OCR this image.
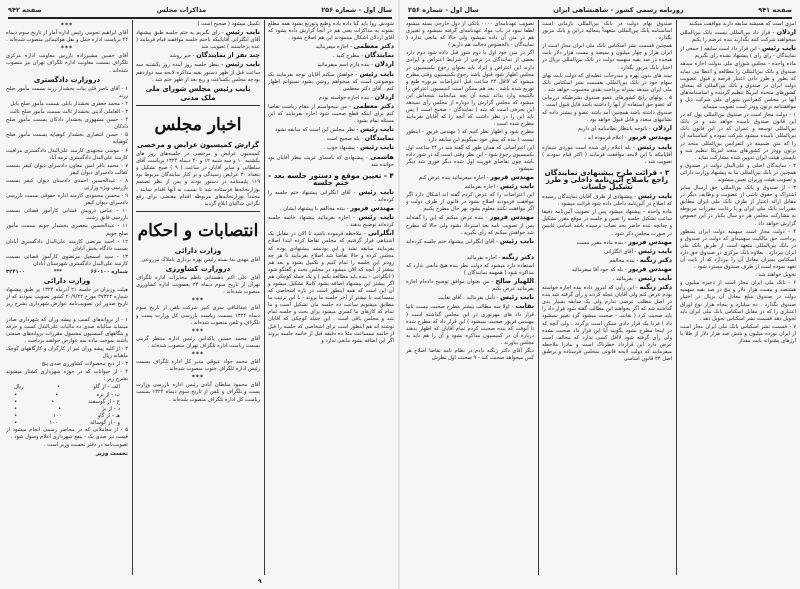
سال اول - شماره ۲۵۶
مذاکرات مجلس
صفحه ۹۴۲

شود‌ش روا باید گیا داده یاده وطبع وتوزیع بشود همه مطلع بشوند به مذاکرات یعنی هم در آنجا گزارش داده بشود که آقای اردلان اشکال مینمودند این هم اصلاح بشود .

دکتر معظمی - اجازه میفرمائید

نمایندگان - مطرح کنید .

اردلان - بنده دارم اسم میفرمائید

نایب رئیس - خواهش میکنم آقایان توجه بفرمایند یک موضوعی است که میخواهم روشن بشود نمیتوانم اظهار کنم . آقای دکتر معظمی .

اردلان - بنده اجازه خواسته بودم

دکتر معظمی - من میخواستم از مقام ریاست تقاضا کنم برای اینکه قطع صحبت شود اجازه بفرمایند که این مسئله تمام بشود .

نایب رئیس - نظر مجلس این است که سابقه نشود

نمایندگان - بله صحیح است

نایب رئیس - پیشنهاد خوب .

هاشمی - پیشنهادی که باسمای غریب بنظر آقایان بود خوانده شد

۴ - تعیین موقع و دستور جلسه بعد - ختم جلسه

نایب رئیس - آقای انگلرانی پیشنهاد ختم جلسه را کرده‌اند .

مهندس فریور - بنده مخالفم با پیشنهاد ایشان .

نایب رئیس - اجازه بفرمائید پیشنهاد خاتمه جلسه کرده‌اند توضیح بدهند .

انگلرانی - ملاحظه فرموده باشید تا الان در مقابل یک اشتباهی قرار گرفتیم که مجلس تقاضا کرده ابتدا اصلاح بفرمایند سابقه نشد و این بودنشد بیشنهادی بوده که مجلس کرده و حالا تقاضا شد اصلاح بفرمایند تا هر چه زودتر این جلسه را تمام کنیم و تکمیل بشود و بعد هم بیشتر از آنچه که الان میشود در مجلس بحث و گفتگو شود ( انگلرانی - بنده باید مطالعه بکنم ) و یک جمله کوچکی هم اگر بیشتر این پیشنهاد اضافه بشود کاملا تشکیل میشود و آن این است که همه اینطور است در باره اشخاصی که نیمساعت یا بیشتر از آخر جلسه ما بروند - با این ترتیب ما مطابق میشویم ساعت ده جلسه مان تشکیل است و ما تمام که کارهای ما کسری میشود برای بحث و جلسه تمام شد و مجلس باقی است . این جمله کوچکی که آقایان نوشته اند هم اینطور است برای اشخاصی که جلسه را قبل از خاتمه نیمساعت مثلا ده دقیقه قبل از خاتمه جلسه بروند اگر این اضافه بشود مانعی ندارد و

تکمیل میشود ( صحیح است )

نایب رئیس - رای بگیریم به ختم جلسه طبق پیشنهاد آقای انگلرانی آقایانیکه باختم جلسه موافقند قیام فرمایند ( عده برخاستند ) تصویب شد

چند نفر از نمایندگان - خیر روشد

نایب رئیس - بنظر جلسه روز آینده روز یکشنبه سه ساعت قبل از ظهر دستور بقیه مذاکره لایحه سه دوازدهم بودجه مجلس یکساعت و ربع بعد از ظهر ختم شد .

نایب رئیس مجلس شورای ملی
ملک مدنی
اخبار مجلس
گزارش کمیسیون عرایض و مرخصی

کمیسیون عرایض و مرخصی در جلسه‌های روز های یکشنبه ۱۰ و سه شنبه ۱۲ و ۲۰ دیماه ۱۳۲۴ بریاست آقای سلطانی و سایر آقایان در ساعت ( ۹ ) صبح تشکیل و بتعداد ۳۰ عرایض رسیدگی و بر کنار نمایندگان مربوط بود ۱۱۹ پلیسنامه در دستور بودند و پس از نظر تصمیم بوزارتخانه‌ها فرستاده شد تا نسبت به آنها اقدام نمایند . مجدداً بوزارتخانه‌های مربوطه اقدام مقتضی برای رفع نگرانی شاکیان ابلاغ گردید .

انتصابات و احکام
وزارت دارائی

آقای مهدی ندا بسته رئیس بهره برداری باملاک مزروعی

دروزارت کشاورزی

آقای علی اکبر دهستانی ناظم مخابرات اداره تلگراف تهران از تاریخ سوم دیماه ۲۴ بعضویت اداره کشاورزی منصوب شده‌اند .

***

آقای عبدالباقی سری کبیر شرکت تلفن از تاریخ سوم دیماه ۱۳۲۴ بسمت ریاست بازرسی کل وزارت پست و تلگراف و تلفن منصوب شده‌اند .

***

آقای محمد حسین پاکدامن رئیس اداره منتظر گرینی بسمت ریاست اداره تلگراف تهران منصوب شده‌اند .

***

آقای محمد جواد عیوقی مدیر کل اداره تلگراف بسمت رئیس اداره تلگراف جنوب منصوب شده‌اند .

***

آقای محمود سلطان آبادی رئیس اداره بازرسی وزارت پست و تلگراف و تلفن از تاریخ سوم دیماه ۱۳۲۴ بسمت ریاست کل اداره تلگراف منصوب شده‌اند .

***

آقای ابراهیم نجومی رئیس اداره آمار از تاریخ سوم دیماه ۲۴ بریاست اداره حمل و نقل هوائیمائی منصوب شده‌اند .

***

آقای حسین مشیرزاده بازرس معاونت اداره مرکزی تلگراف بسمت معاونت اداره تلگراف تهران نیز منصوب شده‌اند .

دروزارت دادگستری

۱ - آقای ناصر قلی بیات بخشدار زرند بسمت مأمور صلح زرند

۲ - محمد جعفری بخشدار بابلی بسمت مأمور صلح بابل

۳ - العاملی آذینی بخشدار ثالث بسمت مأمور صلح ثالث

۴ - حسن مشهوری بخشدار دادکان بسمت مأمور صلح دادکان

۵ - حسن انتصاری بخشدار کوهپایه بسمت مأمور صلح کوهپایه

۶ - موسی مجتهدی کارمند علی‌البدل دادگستری مراقبت کارمند علی‌البدل دادگستری ترمه آباد

۷ - محمد باقر امین معاون دادسرای دیوان کیفر بسمت کفالت دادسرای دیوان کیفر

۸ - عبدالحسین احمدی دادستان دیوان کیفر بسمت بازرسی ویژه وزارتی

۹ - محسن محمودی کارمند اداره حقوقی بسمت بازرسی دادسرای دیوان کیفر

۱۰ - عباس درویش فشانی کارآموز قضائی بسمت بازرسی فایق رشت

۱۱ - عبدالحسین معصری بخشدار جویم بسمت مأمور صلح جویم

۱۲ - احمد مرتضی کارمند علی‌البدل دادگستری آبادان بسمت دادگاه بخش آبادان

۱۳ - سید اسمعیل مرتضوی کارآموز قضائی بسمت کارمند علی‌البدل دادگستری شهرستان آبادان

شماره ۶۶۰۱۰۰
***
۳۲۴۱۰۰
وزارت دارائی

هیئت وزیران در جلسه ۲۱ آذرماه ۱۳۲۴ بر طبق پیشنهاد شماره ۳۷۳۲۳ مورخ ۲۰/۹/۲۲ کشور تصویب نمودند که از تاریخ صدور این تصویب‌نامه عوارض شهرداری بشرح زیر :

۱ - از بروانه‌های کسب و پیشه وران که شهرداری صادر مینماید سالیانه صدی ده مالیات علی‌البدل کسب و حرفه و بنگاههای کمیسیون مشمول مقررات بروانه‌های صنعتی باشند بموجب ماده سه عوارض خواهند پرداخت .

۲ - از کلیه پیشه وران غیر از کارگران و کارگاههای کوچک ماهیانه ریال

۳ - از ذبح محصولات کشاورزی صدی پنج

۴ - از حیوانات که در حوزه شهرداری کشتار میشوند بشرح زیر :

الف - از گاو
•
ریال
ب - از بره
•
•
ج - از گوسفند
•
•
د - از بز
•
•
هـ - از گاو
۱۰۰
•
و - از گوساله
۱۰۰
•

۵ - از معاملاتی که در محاضر رسمی انجام میشود از قیمت نیز صدی یک - بنفع شهرداری اعلام وصول شود .

تصویب‌نامه در دفتر نخست وزیر است .

نخست وزیر
٩
صفحه ۹۴۱
روزنامه رسمی کشور - شاهنشاهی ایران
سال اول - شماره ۲۵۶

امری است که همیشه سابقه دارند موافقت میکنند

اردلان - قرار داد بین‌المللی نیست بانک بین‌المللی میخواهند شرکت کنند بگذارند بنده عرضم را بکنم

نایب رئیس - این قرار داد است سابقه ( جمعی از نمایندگان - رای رای ) پیشنهاد نشده رای بگیریم

ماده واحده - مجلس شورای ملی بدولت اجازه میدهد صندوق و بانک بین‌المللی را مطالعه و اعطا می نماید که بطور و طرز دادن اعتبار قرضه و قبول عضویت دولت ایران در صندوق و بانک بین‌المللی که بمعنای کشورهای متحده امریکا تنظیم گردیده و اساسنامه‌های آنها در مجلس کنفرانس شورای ملی شرکت ذیل و موافقتنامه برتون وودز است تصویب مینماید

۱ - دولت مجاز است در صندوق بین‌المللی پول که در این قانون صندوق نامیده خواهد شد و در بانک بین‌المللی توسعه و عمران که در این قانون بانک بین‌المللی نامیده میشود شرکت نموده و اساسنامه آن را که متن ضمیمه در کنفرانس بین‌المللی متحد در برتون وودز در کشورهای متحد امریکا تنظیم شد و بایستی هیئت ایران تدوین شده مشارکت نماید .

۲ - نمایندگان اصلی و علی‌البدل دولت در صندوق و همچنین در بانک بین‌المللی بنا به پیشنهاد وزارت دارائی و تصویب هیئت وزیران تعیین میشوند .

۳ - از صندوق و بانک بین‌المللی حق ارسال سایر اشتراک و حقوق ناشی از عضویت و وظایف دیگر در مقابل ارائه اعتبار از طرف بانک ملی ایران مطابق مقررات بانک ملی ایران و با رعایت مقررات مربوطه به مشارکت مجلس هر دو سال یکبار در این خصوص گزارش خواهد داد .

۴ - دولت مجاز است سهمیه دولت ایران بمنظور پرداخت حق مالکیت سهمیه‌ای که دولت در صندوق و در بانک بین‌المللی متعهد است از طریق بانک ملی ایران بپردازد . بعلاوه بانک مرکزی در صندوق حق دارد اسکناس بمیزان معادل آن را بپردازد که از بابت آن تعهد نموده است از طرف صندوق مسترد شود .

تحویل خواهند شد .

۶ - بانک ملی ایران مجاز است از ذخیره میلیون و هشتصد و بیست هزار دلار و پنج در صد بقیه سهمیه دولت در صندوق مبلغ معادل آن بریال در اختیار صندوق بگذارد . ده میلیارد و پنجاه هزار نوع اوراق اعتباری را که در مقابل اسکناس بانک ملی ایران باید تحویل دهد قسمت نشر اسکناس تحویل دهد .

۷ - قسمت نشر اسکناس بانک ملی ایران مجاز است از ایران نوزده میلیون و شش صد هزار دلار از طلا یا ارزهای پشتوانه بابت مقدار

صندوق بهام دولت در بانک بین‌المللی بازمانی است اساسنامه بانک بین‌المللی متعهداً بمعالبه دراین و بانک مزبور بگذارد .

همچنین قسمت نشر اسکناس بانک ملی ایران مجاز است از ایران هزار و چهار میلیون و سیصد و بیست هزار دلار بابت هیجده در صد بقیه سهمیه دولت در بانک بین‌المللی بریال در اختیار بانک مزبور بگذارد .

سند های بدون بهره و مندرجات عطیه‌ای که دولت بابت بهای سهام خود در بانک بین‌المللی بقسمت نشر اسکناس بانک ملی ایران میدهد بمنزله پرداخت نقدی محسوب خواهد شد .

۵ . پولهای رایج کشورهای عضو صندوق بشرطیکه درزمانی که عضو حق استفاده از آنها را داشته باشد قابل قبول است .

صندوق داشته باشد همچنین آمد باشد عضو و بیشتر داده که نشانیهای متعدد و قابل قبول خواهد بود .

اردلان - باتوجه بانتظار نظامنامه ای داریم

مهندس فریور - اعلام فرموده اید .

نایب رئیس - بله اعلام رای شده است موردی شماره آقایانیکه با این لایحه موافقت فرمایند ( اکثر قیام نمودند ) تصویب شد .

۳ - قرائت طرح پیشنهادی نمایندگان راجع باصلاح آئین‌نامه داخلی و طرز تشکیل جلسات

نایب رئیس - پیشنهادی از طرف آقایان نمایندگان رسیده که اصلاح در آئین‌نامه داخلی داده شود قرائت میشود .

ماده واحده - پیشنهاد میشود پس از تصویب آئین‌نامه دقیقا ساعت تشکیل جلسه را تعیین و جلسه در موقع مقرر تشکیل و چنانچه عده حاضر بحد نصاب نرسیده باشد اسامی غایبین در صورت مجلس ذکر شود .

مهندس فریور - بنده ماده مقرر نیست

نایب رئیس - آقای انگلرانی

دکتر زنگنه - بنده مخالفم

مهندس فریور - بله که خود آقا میفرمائید

نایب رئیس - بفرمائید .

دکتر زنگنه - این رأیی که امروز داده بنده اجازه خواسته بودم عرض کنم ولی آقایان عجله کردند و رأی گرفته شد بنده در اصل مطلب عرضی ندارم ولی یک سابقه بسیار بدی گذاشته شد که اگر بخواهند این مطالب گفته شود قرار داد را باید صحبت کرد ( نقابت - صحبت میشود گرد تغییر نمیشود داد ) فردا یک قرار دادی ممکن است برگردد . ولی آنچه که در اینجا مطرح بشود بگویند آیا این قرار داد صحبت نشده ولی رأی گرفته شود لااقل کسی ندارد که مخالف است عرض دارد این قرارداد خطرناک است و مادرا ملاحظه میفرمایند که دولت لایحه قانونی بمجلس فرستاده و برطبق اصل ۲۴ قانون اساسی

تصویب عهدنامه‌ای ۰۰۰۰ بانکی از دول خارجی بسته میشود لطفا نمود در باب مواد عهدنامه‌ای گرفته نمیشود و تغییری هم در متن آن داده نمیشود ولی حالا که مانعی ندارد ( نمایندگان - بالخصوص دخالت هم داریم )

اگر در متن خود اول یا دوم شور قبل داده شود دوم دارد بعضی از نمایندگان در برخی از شرایط اعتراض و ایرادی دارند این اعتراض و ایراد باید بعنوان رجوع بکمیسیون در مجلس اظهار شود قبول باشد رجوع بکمیسیون وقتی مطرح میشود که لااقل ۲۴ ساعت قبل اعتراضات مزبوره طبع و توزیع شده باشد ، بعد هم ممکن است کمیسیون اعتراض را بالنتیجه وارد بداند نتیجه آن بچه میانجامد نتیجه‌اش این میشود که مجلس گزارش را دوباره از مجلس رأی نمیدهد این بحرفی است که شد ( نمایندگان - صحیح است ) پس باید این را در نظر داشت که آنچه را که آقایان بفرمایند مطرح شده است .

مطرح شود و اظهار نظر کنیم که ( مهندس فریور - اینطور نیست ) بنده که پیش خود نمیگویم این سابقه دارد .

این اعتراضاتی که همان طور که گفته شد در ۲۴ ساعت اول بکمیسیون رجوع شود - این نظر وقتی است که در شور داده باشد چون تقاضای فوریت اول شده دیگر فوری شد دیگر نمیشود .

مهندس فریور - اجازه میفرمائید بنده عرض کنم

نایب رئیس - اجازه بفرمائید

این اعتراضات را که عرض کردم گفته اند اشکال دارد اگر موافقت فرمودند اصلاح بشود در قانون از طرف دولت و اگر موافقت نکنند معلوم بشود بهر حال مطرح بکنیم .

مهندس فریور - بنده عرض میکنم که این را گفته‌اند پس از تصویب نامه بعد استرداد بشود ولی حالا که مطرح شد خواهش میکنم که رأی بگیرید .

نایب رئیس - آقای انگلرانی پیشنهاد ختم جلسه کرده‌اند .

دکتر زنگنه - اجازه بفرمائید

استفاده دارد میشود که دولت نظر بنده هیچ مانعی ندارد که مذاکره شود ( همهمه نمایندگان )

اللهیار صالح - من بعنوان موافق توضیح داده‌ام اجازه بفرمائید عرض بکنم

نایب رئیس - تأمل بفرمائید . آقای نقابت

نقابت - اولا سه مطالب بیشتر مطرح صحبت نیست ثانیا قرار داد های مهرتوری در این مجلس گذاشته است ( مهندس فریور صحبت نمیشود ) این قرار داد که مطرح شده تا آنوقت که بنده صحبت کردم تمام آقایان که اظهار بدهند درباره آن در کمیسیون مذاکره بشود و آن را هم باید به مجلس بیاورند .

دیگر آقای دکتر زنگنه دادم در نظام نامه تقاضا اصلاح هر کس میخواهد صحبت کند - ۹ صحبت اول نظرش
